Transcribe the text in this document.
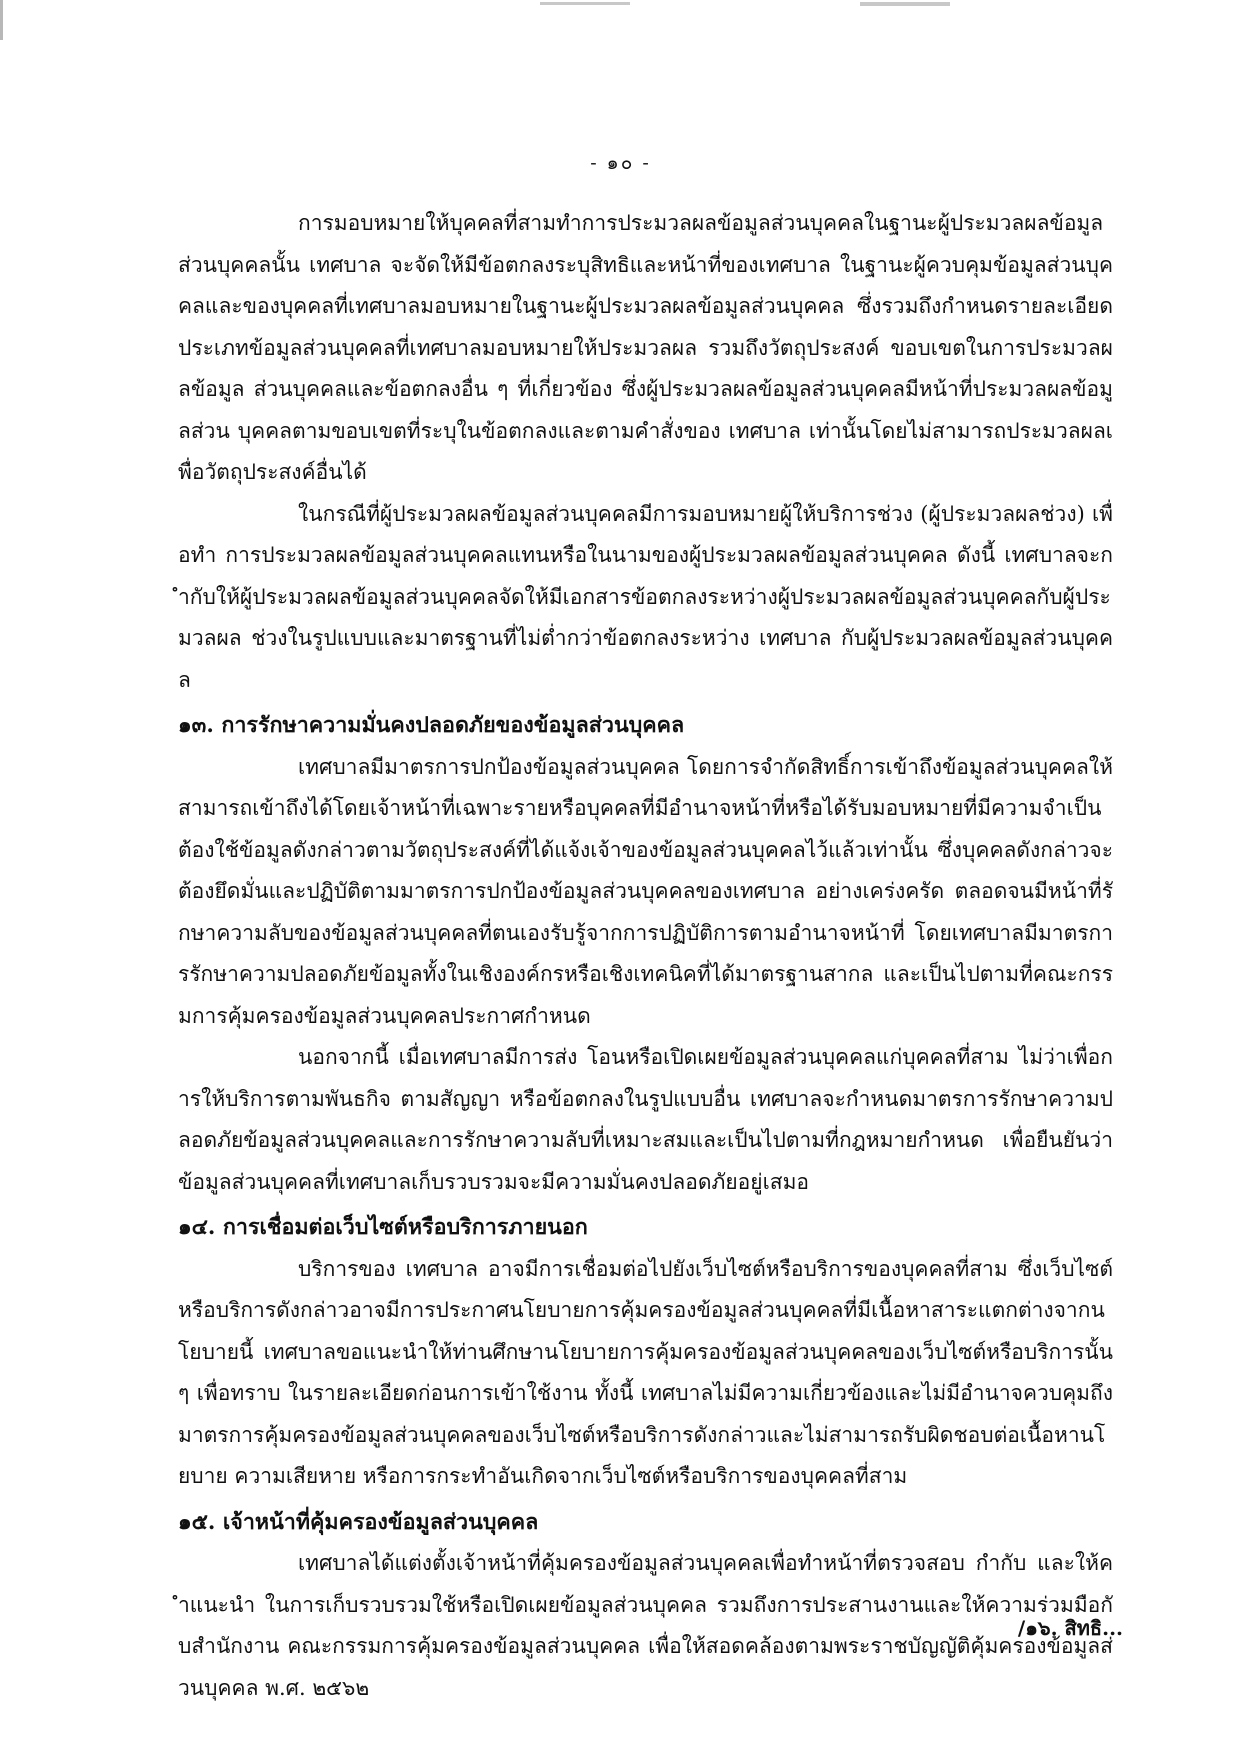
- ๑๐ -

การมอบหมายให้บุคคลที่สามทำการประมวลผลข้อมูลส่วนบุคคลในฐานะผู้ประมวลผลข้อมูลส่วนบุคคลนั้น เทศบาล จะจัดให้มีข้อตกลงระบุสิทธิและหน้าที่ของเทศบาล ในฐานะผู้ควบคุมข้อมูลส่วนบุคคลและของบุคคลที่เทศบาลมอบหมายในฐานะผู้ประมวลผลข้อมูลส่วนบุคคล ซึ่งรวมถึงกำหนดรายละเอียดประเภทข้อมูลส่วนบุคคลที่เทศบาลมอบหมายให้ประมวลผล รวมถึงวัตถุประสงค์ ขอบเขตในการประมวลผลข้อมูล ส่วนบุคคลและข้อตกลงอื่น ๆ ที่เกี่ยวข้อง ซึ่งผู้ประมวลผลข้อมูลส่วนบุคคลมีหน้าที่ประมวลผลข้อมูลส่วน บุคคลตามขอบเขตที่ระบุในข้อตกลงและตามคำสั่งของ เทศบาล เท่านั้นโดยไม่สามารถประมวลผลเพื่อวัตถุประสงค์อื่นได้

ในกรณีที่ผู้ประมวลผลข้อมูลส่วนบุคคลมีการมอบหมายผู้ให้บริการช่วง (ผู้ประมวลผลช่วง) เพื่อทำ การประมวลผลข้อมูลส่วนบุคคลแทนหรือในนามของผู้ประมวลผลข้อมูลส่วนบุคคล ดังนี้ เทศบาลจะกำกับให้ผู้ประมวลผลข้อมูลส่วนบุคคลจัดให้มีเอกสารข้อตกลงระหว่างผู้ประมวลผลข้อมูลส่วนบุคคลกับผู้ประมวลผล ช่วงในรูปแบบและมาตรฐานที่ไม่ต่ำกว่าข้อตกลงระหว่าง เทศบาล กับผู้ประมวลผลข้อมูลส่วนบุคคล

๑๓. การรักษาความมั่นคงปลอดภัยของข้อมูลส่วนบุคคล

เทศบาลมีมาตรการปกป้องข้อมูลส่วนบุคคล โดยการจำกัดสิทธิ์การเข้าถึงข้อมูลส่วนบุคคลให้สามารถเข้าถึงได้โดยเจ้าหน้าที่เฉพาะรายหรือบุคคลที่มีอำนาจหน้าที่หรือได้รับมอบหมายที่มีความจำเป็นต้องใช้ข้อมูลดังกล่าวตามวัตถุประสงค์ที่ได้แจ้งเจ้าของข้อมูลส่วนบุคคลไว้แล้วเท่านั้น ซึ่งบุคคลดังกล่าวจะต้องยึดมั่นและปฏิบัติตามมาตรการปกป้องข้อมูลส่วนบุคคลของเทศบาล อย่างเคร่งครัด ตลอดจนมีหน้าที่รักษาความลับของข้อมูลส่วนบุคคลที่ตนเองรับรู้จากการปฏิบัติการตามอำนาจหน้าที่ โดยเทศบาลมีมาตรการรักษาความปลอดภัยข้อมูลทั้งในเชิงองค์กรหรือเชิงเทคนิคที่ได้มาตรฐานสากล และเป็นไปตามที่คณะกรรมการคุ้มครองข้อมูลส่วนบุคคลประกาศกำหนด

นอกจากนี้ เมื่อเทศบาลมีการส่ง โอนหรือเปิดเผยข้อมูลส่วนบุคคลแก่บุคคลที่สาม ไม่ว่าเพื่อการให้บริการตามพันธกิจ ตามสัญญา หรือข้อตกลงในรูปแบบอื่น เทศบาลจะกำหนดมาตรการรักษาความปลอดภัยข้อมูลส่วนบุคคลและการรักษาความลับที่เหมาะสมและเป็นไปตามที่กฎหมายกำหนด เพื่อยืนยันว่าข้อมูลส่วนบุคคลที่เทศบาลเก็บรวบรวมจะมีความมั่นคงปลอดภัยอยู่เสมอ

๑๔. การเชื่อมต่อเว็บไซต์หรือบริการภายนอก

บริการของ เทศบาล อาจมีการเชื่อมต่อไปยังเว็บไซต์หรือบริการของบุคคลที่สาม ซึ่งเว็บไซต์หรือบริการดังกล่าวอาจมีการประกาศนโยบายการคุ้มครองข้อมูลส่วนบุคคลที่มีเนื้อหาสาระแตกต่างจากนโยบายนี้ เทศบาลขอแนะนำให้ท่านศึกษานโยบายการคุ้มครองข้อมูลส่วนบุคคลของเว็บไซต์หรือบริการนั้น ๆ เพื่อทราบ ในรายละเอียดก่อนการเข้าใช้งาน ทั้งนี้ เทศบาลไม่มีความเกี่ยวข้องและไม่มีอำนาจควบคุมถึงมาตรการคุ้มครองข้อมูลส่วนบุคคลของเว็บไซต์หรือบริการดังกล่าวและไม่สามารถรับผิดชอบต่อเนื้อหานโยบาย ความเสียหาย หรือการกระทำอันเกิดจากเว็บไซต์หรือบริการของบุคคลที่สาม

๑๕. เจ้าหน้าที่คุ้มครองข้อมูลส่วนบุคคล

เทศบาลได้แต่งตั้งเจ้าหน้าที่คุ้มครองข้อมูลส่วนบุคคลเพื่อทำหน้าที่ตรวจสอบ กำกับ และให้คำแนะนำ ในการเก็บรวบรวมใช้หรือเปิดเผยข้อมูลส่วนบุคคล รวมถึงการประสานงานและให้ความร่วมมือกับสำนักงาน คณะกรรมการคุ้มครองข้อมูลส่วนบุคคล เพื่อให้สอดคล้องตามพระราชบัญญัติคุ้มครองข้อมูลส่วนบุคคล พ.ศ. ๒๕๖๒

/๑๖. สิทธิ...
